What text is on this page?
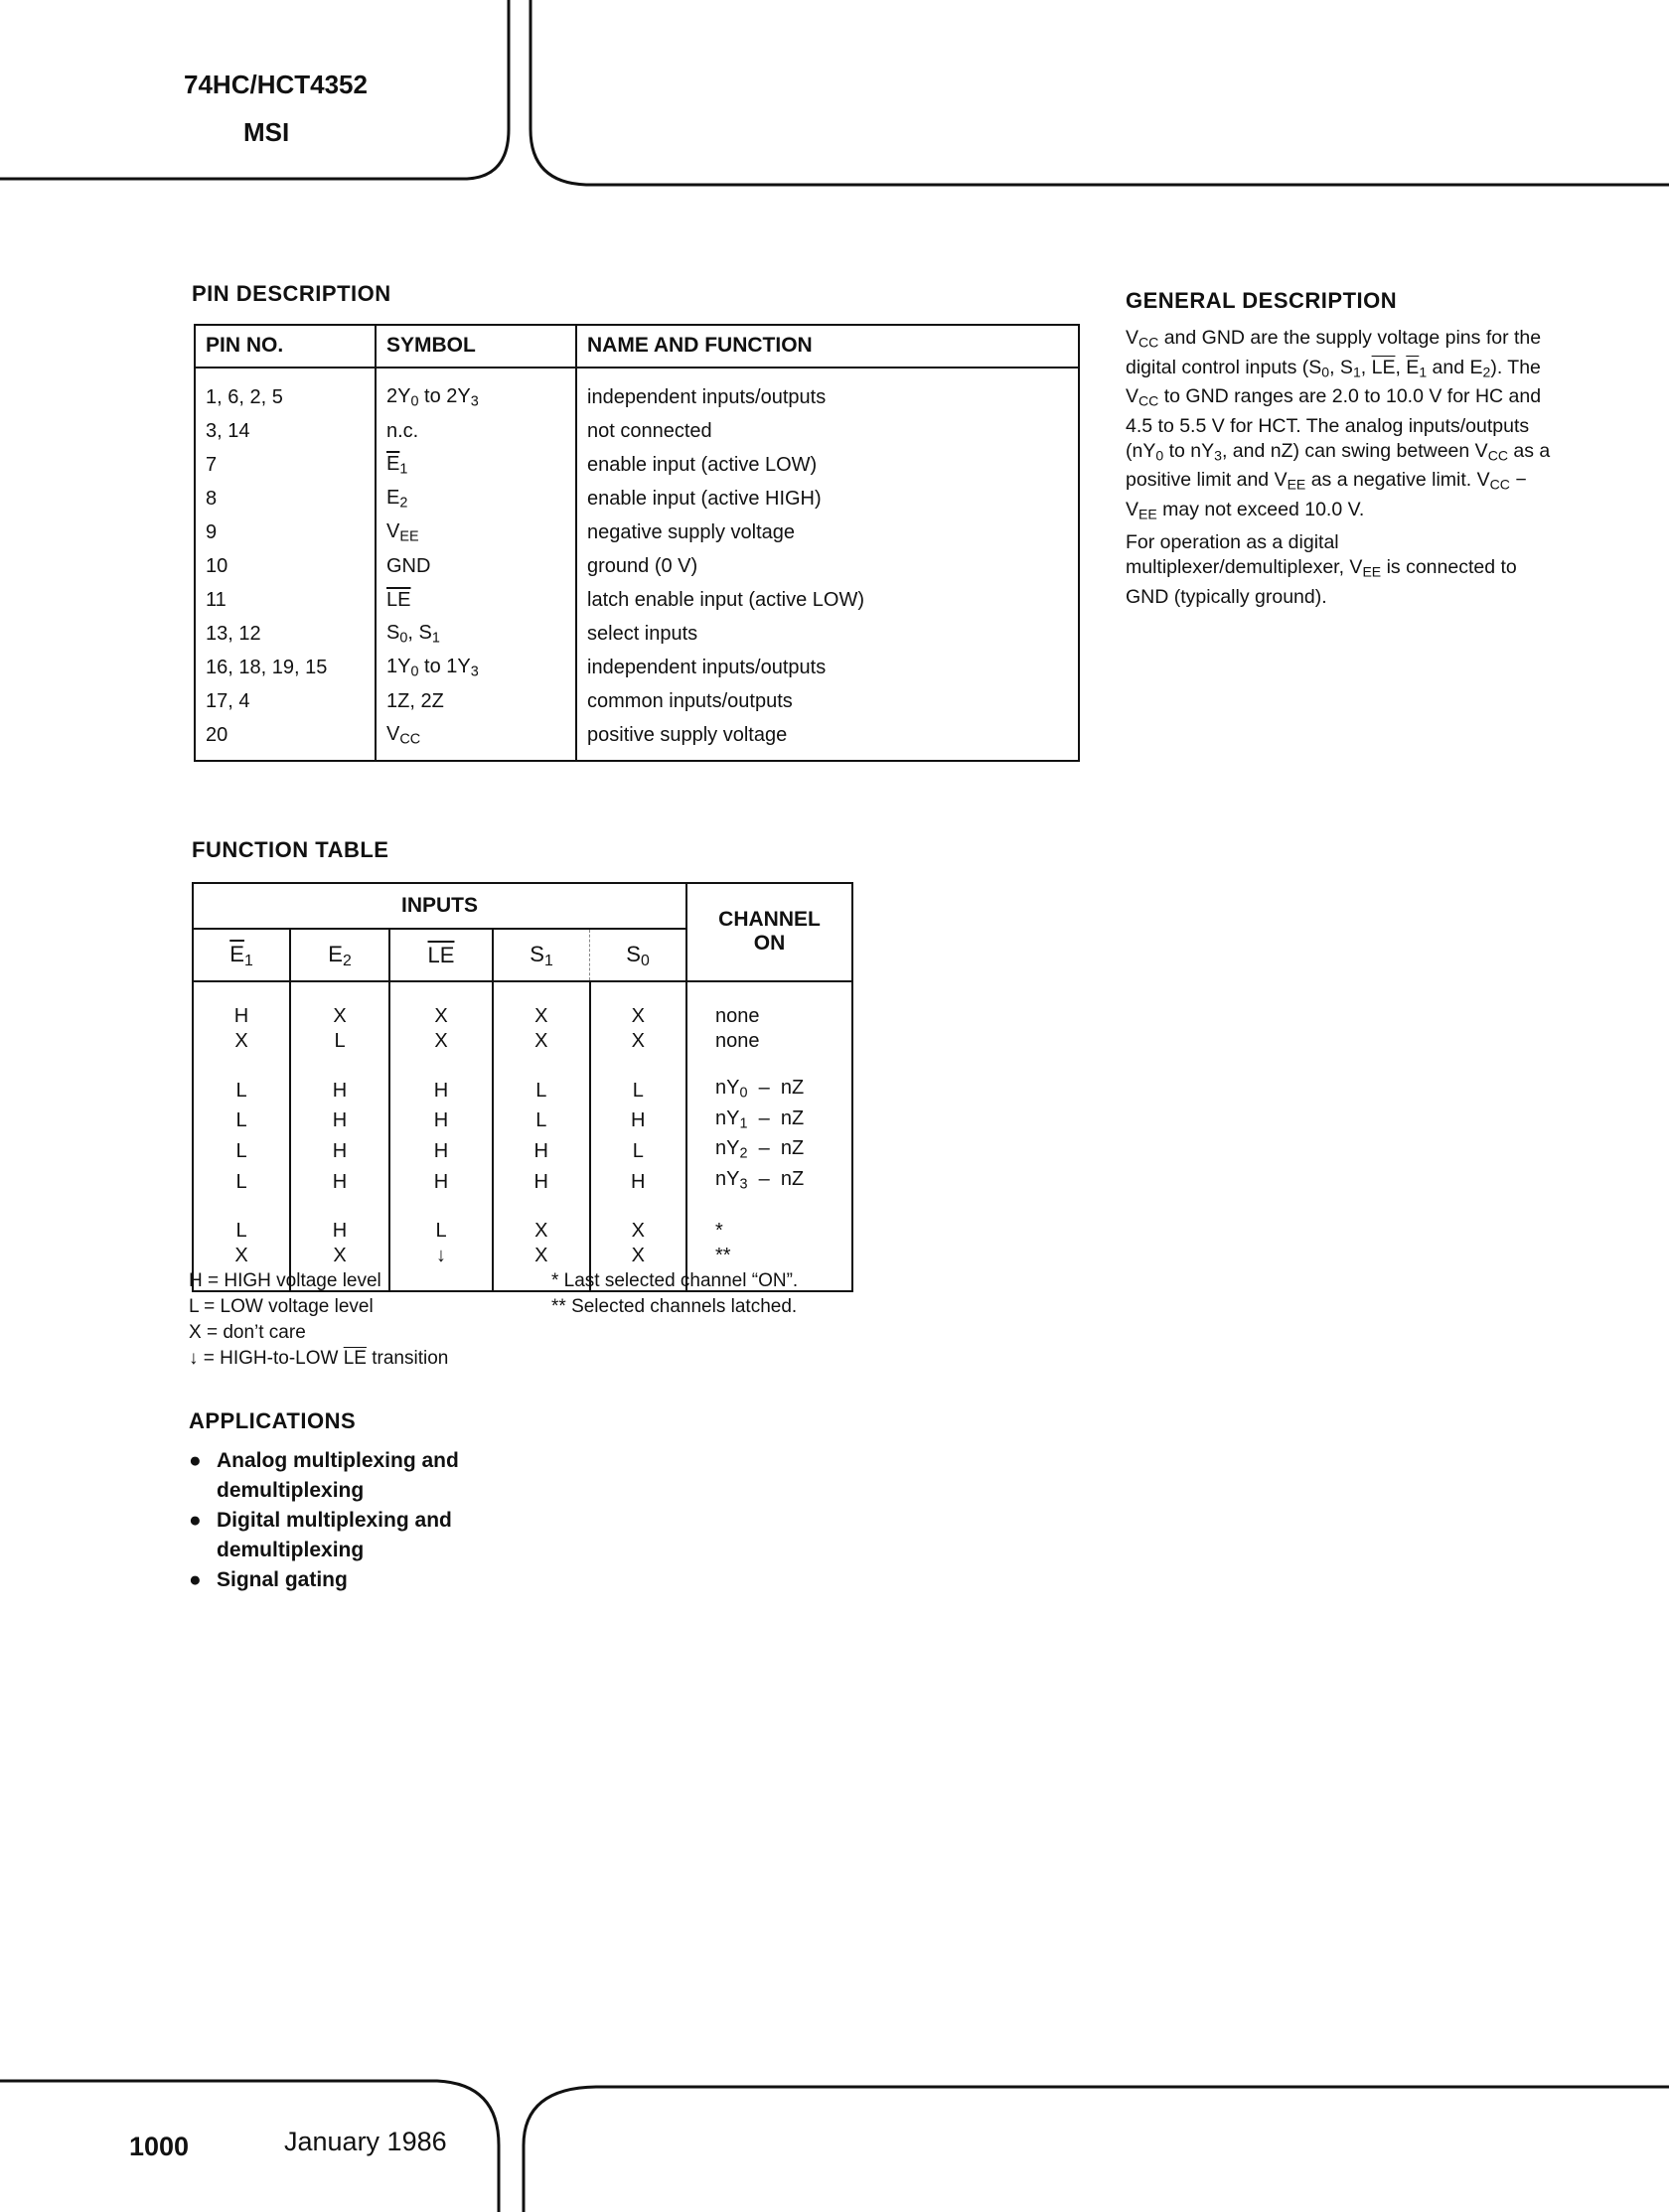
74HC/HCT4352
MSI
PIN DESCRIPTION
PIN NO.	SYMBOL	NAME AND FUNCTION
1, 6, 2, 5	$2Y_0$ to $2Y_3$	independent inputs/outputs
3, 14	n.c.	not connected
7	$\overline{E}_1$	enable input (active LOW)
8	$E_2$	enable input (active HIGH)
9	$V_{EE}$	negative supply voltage
10	GND	ground (0 V)
11	$\overline{LE}$	latch enable input (active LOW)
13, 12	$S_0$, $S_1$	select inputs
16, 18, 19, 15	$1Y_0$ to $1Y_3$	independent inputs/outputs
17, 4	1Z, 2Z	common inputs/outputs
20	$V_{CC}$	positive supply voltage
FUNCTION TABLE
INPUTS					CHANNEL
ON

$\overline{E}_1$	$E_2$	$\overline{LE}$	$S_1$	$S_0$

H	X	X	X	X	none
X	L	X	X	X	none

L	H	H	L	L	$nY_0$  –  nZ
L	H	H	L	H	$nY_1$  –  nZ
L	H	H	H	L	$nY_2$  –  nZ
L	H	H	H	H	$nY_3$  –  nZ

L	H	L	X	X	*
X	X	↓	X	X	**

H = HIGH voltage level
L = LOW voltage level
X = don’t care
↓ = HIGH-to-LOW $\overline{LE}$ transition
* Last selected channel “ON”.
** Selected channels latched.
APPLICATIONS
● Analog multiplexing and demultiplexing
● Digital multiplexing and demultiplexing
● Signal gating
GENERAL DESCRIPTION
$V_{CC}$ and GND are the supply voltage pins for the digital control inputs ($S_0$, $S_1$, $\overline{LE}$, $\overline{E}_1$ and $E_2$). The $V_{CC}$ to GND ranges are 2.0 to 10.0 V for HC and 4.5 to 5.5 V for HCT. The analog inputs/outputs ($nY_0$ to $nY_3$, and nZ) can swing between $V_{CC}$ as a positive limit and $V_{EE}$ as a negative limit. $V_{CC} - V_{EE}$ may not exceed 10.0 V.
For operation as a digital multiplexer/demultiplexer, $V_{EE}$ is connected to GND (typically ground).
1000	January 1986
